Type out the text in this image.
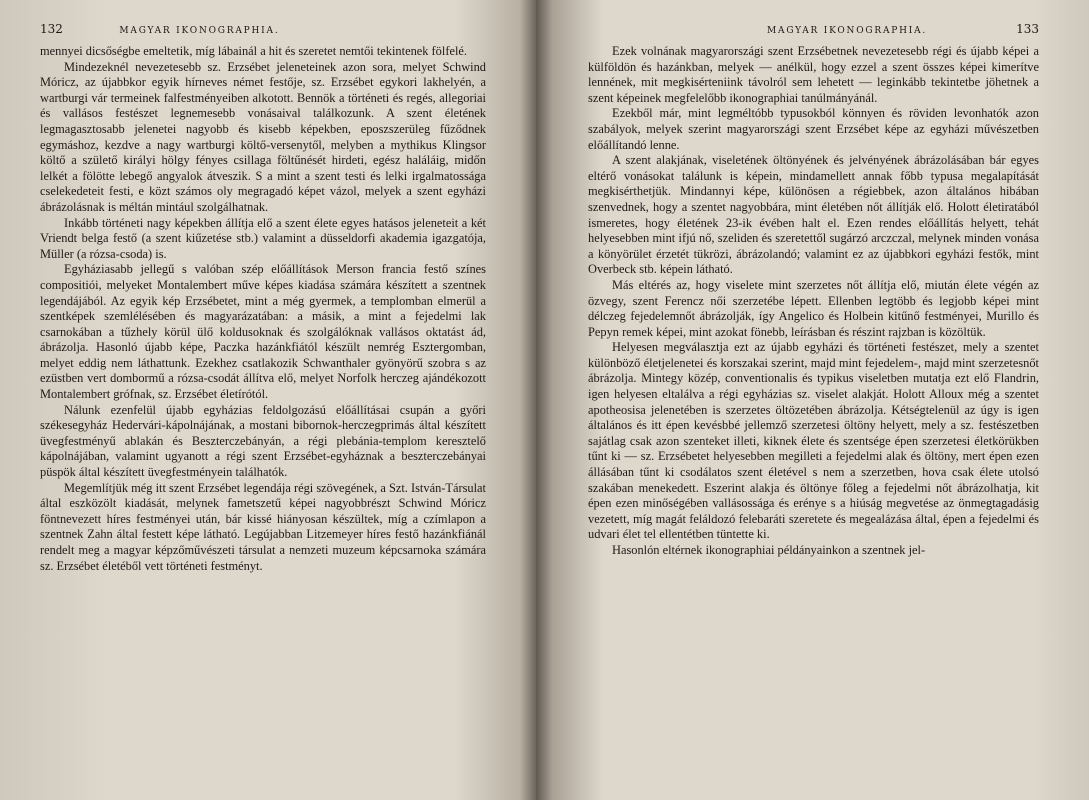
132	MAGYAR IKONOGRAPHIA.

mennyei dicsőségbe emeltetik, míg lábainál a hit és szeretet nemtői tekintenek fölfelé.

Mindezeknél nevezetesebb sz. Erzsébet jeleneteinek azon sora, melyet Schwind Móricz, az újabbkor egyik hírneves német festője, sz. Erzsébet egykori lakhelyén, a wartburgi vár termeinek falfestményeiben alkotott. Bennök a történeti és regés, allegoriai és vallásos festészet legnemesebb vonásaival találkozunk. A szent életének legmagasztosabb jelenetei nagyobb és kisebb képekben, eposzszerüleg fűződnek egymáshoz, kezdve a nagy wartburgi költő-versenytől, melyben a mythikus Klingsor költő a születő királyi hölgy fényes csillaga föltűnését hirdeti, egész haláláig, midőn lelkét a fölötte lebegő angyalok átveszik. S a mint a szent testi és lelki irgalmatossága cselekedeteit festi, e közt számos oly megragadó képet vázol, melyek a szent egyházi ábrázolásnak is méltán mintául szolgálhatnak.

Inkább történeti nagy képekben állítja elő a szent élete egyes hatásos jeleneteit a két Vriendt belga festő (a szent kiűzetése stb.) valamint a düsseldorfi akademia igazgatója, Müller (a rózsa-csoda) is.

Egyháziasabb jellegű s valóban szép előállítások Merson francia festő színes compositiói, melyeket Montalembert műve képes kiadása számára készített a szentnek legendájából. Az egyik kép Erzsébetet, mint a még gyermek, a templomban elmerül a szentképek szemlélésében és magyarázatában: a másik, a mint a fejedelmi lak csarnokában a tűzhely körül ülő koldusoknak és szolgálóknak vallásos oktatást ád, ábrázolja. Hasonló újabb képe, Paczka hazánkfiától készült nemrég Esztergomban, melyet eddig nem láthattunk. Ezekhez csatlakozik Schwanthaler gyönyörű szobra s az ezüstben vert dombormű a rózsa-csodát állítva elő, melyet Norfolk herczeg ajándékozott Montalembert grófnak, sz. Erzsébet életírótól.

Nálunk ezenfelül újabb egyházias feldolgozású előállításai csupán a győri székesegyház Hedervári-kápolnájának, a mostani bibornok-herczegprimás által készített üvegfestményű ablakán és Beszterczebányán, a régi plebánia-templom keresztelő kápolnájában, valamint ugyanott a régi szent Erzsébet-egyháznak a beszterczebányai püspök által készített üvegfestményein találhatók.

Megemlítjük még itt szent Erzsébet legendája régi szövegének, a Szt. István-Társulat által eszközölt kiadását, melynek fametszetű képei nagyobbrészt Schwind Móricz föntnevezett híres festményei után, bár kissé hiányosan készültek, míg a czímlapon a szentnek Zahn által festett képe látható. Legújabban Litzemeyer híres festő hazánkfiánál rendelt meg a magyar képzőművészeti társulat a nemzeti muzeum képcsarnoka számára sz. Erzsébet életéből vett történeti festményt.

MAGYAR IKONOGRAPHIA.	133

Ezek volnának magyarországi szent Erzsébetnek nevezetesebb régi és újabb képei a külföldön és hazánkban, melyek — anélkül, hogy ezzel a szent összes képei kimerítve lennének, mit megkisérteniink távolról sem lehetett — leginkább tekintetbe jöhetnek a szent képeinek megfelelőbb ikonographiai tanúlmányánál.

Ezekből már, mint legméltóbb typusokból könnyen és röviden levonhatók azon szabályok, melyek szerint magyarországi szent Erzsébet képe az egyházi művészetben előállítandó lenne.

A szent alakjának, viseletének öltönyének és jelvényének ábrázolásában bár egyes eltérő vonásokat találunk is képein, mindamellett annak főbb typusa megalapítását megkisérthetjük. Mindannyi képe, különösen a régiebbek, azon általános hibában szenvednek, hogy a szentet nagyobbára, mint életében nőt állítják elő. Holott életiratából ismeretes, hogy életének 23-ik évében halt el. Ezen rendes előállítás helyett, tehát helyesebben mint ifjú nő, szeliden és szeretettől sugárzó arczczal, melynek minden vonása a könyörület érzetét tükrözi, ábrázolandó; valamint ez az újabbkori egyházi festők, mint Overbeck stb. képein látható.

Más eltérés az, hogy viselete mint szerzetes nőt állítja elő, miután élete végén az özvegy, szent Ferencz női szerzetébe lépett. Ellenben legtöbb és legjobb képei mint délczeg fejedelemnőt ábrázolják, így Angelico és Holbein kitűnő festményei, Murillo és Pepyn remek képei, mint azokat fönebb, leírásban és részint rajzban is közöltük.

Helyesen megválasztja ezt az újabb egyházi és történeti festészet, mely a szentet különböző életjelenetei és korszakai szerint, majd mint fejedelem-, majd mint szerzetesnőt ábrázolja. Mintegy közép, conventionalis és typikus viseletben mutatja ezt elő Flandrin, igen helyesen eltalálva a régi egyházias sz. viselet alakját. Holott Alloux még a szentet apotheosisa jelenetében is szerzetes öltözetében ábrázolja. Kétségtelenül az úgy is igen általános és itt épen kevésbbé jellemző szerzetesi öltöny helyett, mely a sz. festészetben sajátlag csak azon szenteket illeti, kiknek élete és szentsége épen szerzetesi életkörükben tűnt ki — sz. Erzsébetet helyesebben megilleti a fejedelmi alak és öltöny, mert épen ezen állásában tűnt ki csodálatos szent életével s nem a szerzetben, hova csak élete utolsó szakában menekedett. Eszerint alakja és öltönye főleg a fejedelmi nőt ábrázolhatja, kit épen ezen minőségében vallásossága és erénye s a hiúság megvetése az önmegtagadásig vezetett, míg magát feláldozó felebaráti szeretete és megealázása által, épen a fejedelmi és udvari élet tel ellentétben tüntette ki.

Hasonlón eltérnek ikonographiai példányainkon a szentnek jel-
